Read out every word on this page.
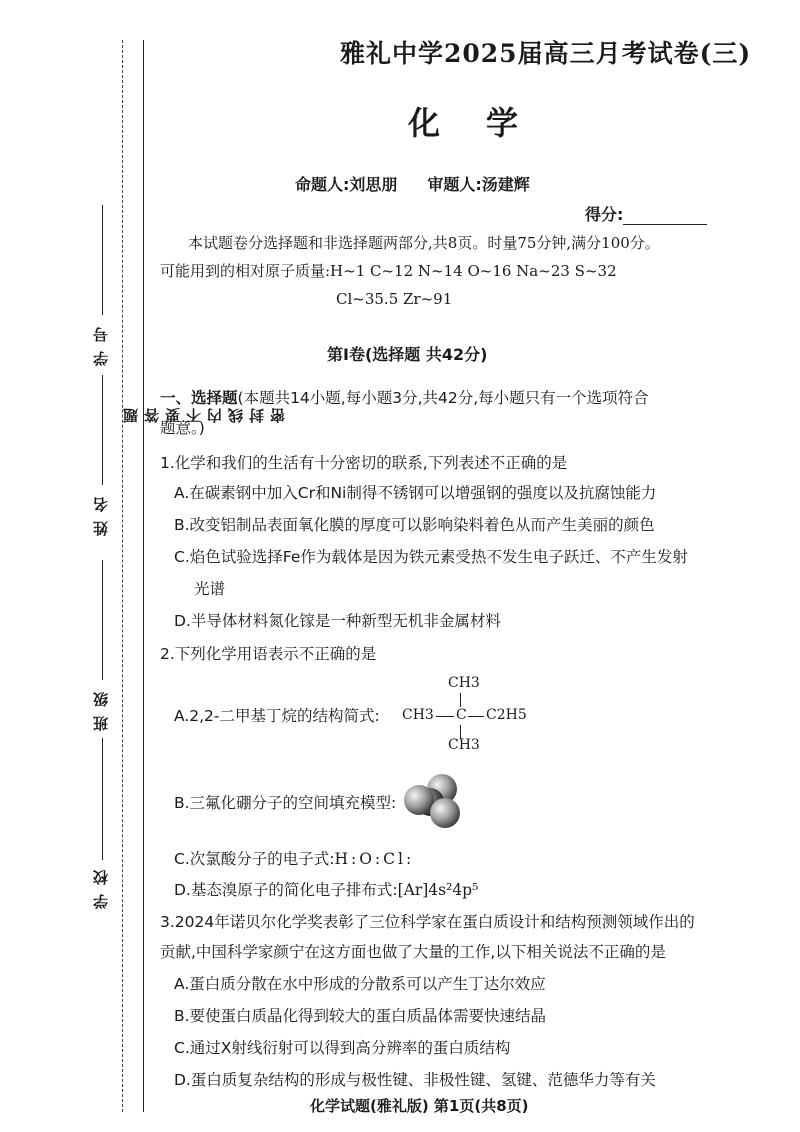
学 号
姓 名
班 级
学 校
题 答 要 不 内 线 封 密
雅礼中学2025届高三月考试卷(三)
化学
命题人:刘思朋 审题人:汤建辉
得分:
本试题卷分选择题和非选择题两部分,共8页。时量75分钟,满分100分。
可能用到的相对原子质量:H~1 C~12 N~14 O~16 Na~23 S~32
Cl~35.5 Zr~91
第Ⅰ卷(选择题 共42分)
一、选择题(本题共14小题,每小题3分,共42分,每小题只有一个选项符合
题意。)
1.化学和我们的生活有十分密切的联系,下列表述不正确的是
A.在碳素钢中加入Cr和Ni制得不锈钢可以增强钢的强度以及抗腐蚀能力
B.改变铝制品表面氧化膜的厚度可以影响染料着色从而产生美丽的颜色
C.焰色试验选择Fe作为载体是因为铁元素受热不发生电子跃迁、不产生发射
光谱
D.半导体材料氮化镓是一种新型无机非金属材料
2.下列化学用语表示不正确的是
A.2,2-二甲基丁烷的结构简式:
CH3
CH3 C C2H5
CH3
B.三氟化硼分子的空间填充模型:
C.次氯酸分子的电子式:H:O:Cl:
D.基态溴原子的简化电子排布式:[Ar]4s²4p⁵
3.2024年诺贝尔化学奖表彰了三位科学家在蛋白质设计和结构预测领域作出的
贡献,中国科学家颜宁在这方面也做了大量的工作,以下相关说法不正确的是
A.蛋白质分散在水中形成的分散系可以产生丁达尔效应
B.要使蛋白质晶化得到较大的蛋白质晶体需要快速结晶
C.通过X射线衍射可以得到高分辨率的蛋白质结构
D.蛋白质复杂结构的形成与极性键、非极性键、氢键、范德华力等有关
化学试题(雅礼版) 第1页(共8页)
